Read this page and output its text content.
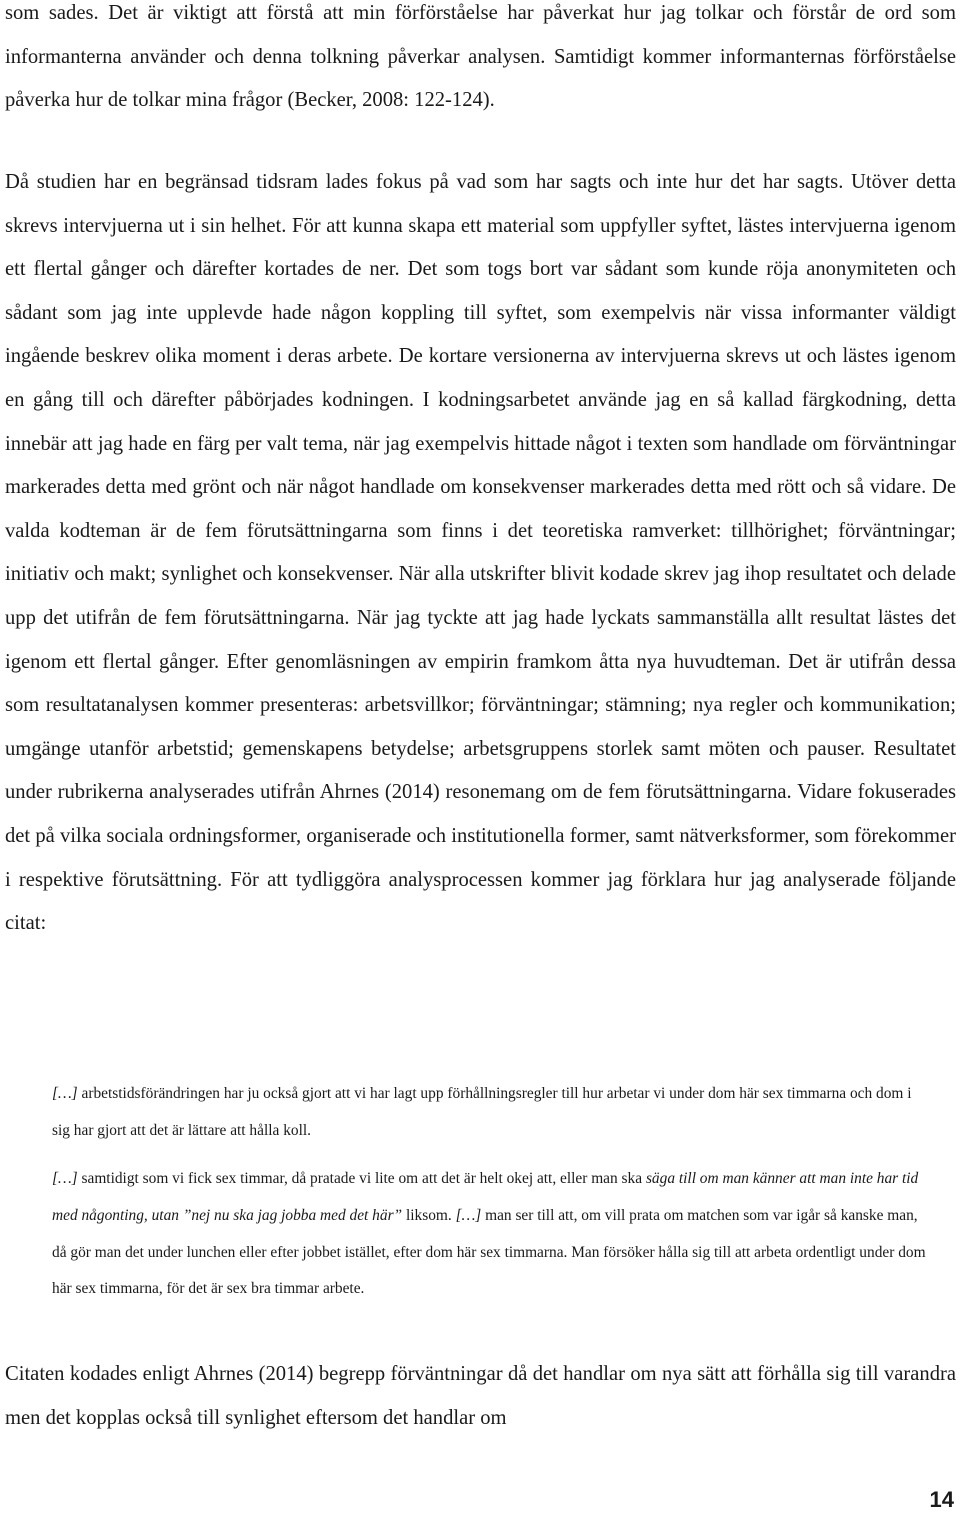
som sades. Det är viktigt att förstå att min förförståelse har påverkat hur jag tolkar och förstår de ord som informanterna använder och denna tolkning påverkar analysen. Samtidigt kommer informanternas förförståelse påverka hur de tolkar mina frågor (Becker, 2008: 122-124).

Då studien har en begränsad tidsram lades fokus på vad som har sagts och inte hur det har sagts. Utöver detta skrevs intervjuerna ut i sin helhet. För att kunna skapa ett material som uppfyller syftet, lästes intervjuerna igenom ett flertal gånger och därefter kortades de ner. Det som togs bort var sådant som kunde röja anonymiteten och sådant som jag inte upplevde hade någon koppling till syftet, som exempelvis när vissa informanter väldigt ingående beskrev olika moment i deras arbete. De kortare versionerna av intervjuerna skrevs ut och lästes igenom en gång till och därefter påbörjades kodningen. I kodningsarbetet använde jag en så kallad färgkodning, detta innebär att jag hade en färg per valt tema, när jag exempelvis hittade något i texten som handlade om förväntningar markerades detta med grönt och när något handlade om konsekvenser markerades detta med rött och så vidare. De valda kodteman är de fem förutsättningarna som finns i det teoretiska ramverket: tillhörighet; förväntningar; initiativ och makt; synlighet och konsekvenser. När alla utskrifter blivit kodade skrev jag ihop resultatet och delade upp det utifrån de fem förutsättningarna. När jag tyckte att jag hade lyckats sammanställa allt resultat lästes det igenom ett flertal gånger. Efter genomläsningen av empirin framkom åtta nya huvudteman. Det är utifrån dessa som resultatanalysen kommer presenteras: arbetsvillkor; förväntningar; stämning; nya regler och kommunikation; umgänge utanför arbetstid; gemenskapens betydelse; arbetsgruppens storlek samt möten och pauser. Resultatet under rubrikerna analyserades utifrån Ahrnes (2014) resonemang om de fem förutsättningarna. Vidare fokuserades det på vilka sociala ordningsformer, organiserade och institutionella former, samt nätverksformer, som förekommer i respektive förutsättning. För att tydliggöra analysprocessen kommer jag förklara hur jag analyserade följande citat:

[…] arbetstidsförändringen har ju också gjort att vi har lagt upp förhållningsregler till hur arbetar vi under dom här sex timmarna och dom i sig har gjort att det är lättare att hålla koll.

[…] samtidigt som vi fick sex timmar, då pratade vi lite om att det är helt okej att, eller man ska säga till om man känner att man inte har tid med någonting, utan ”nej nu ska jag jobba med det här” liksom. […] man ser till att, om vill prata om matchen som var igår så kanske man, då gör man det under lunchen eller efter jobbet istället, efter dom här sex timmarna. Man försöker hålla sig till att arbeta ordentligt under dom här sex timmarna, för det är sex bra timmar arbete.

Citaten kodades enligt Ahrnes (2014) begrepp förväntningar då det handlar om nya sätt att förhålla sig till varandra men det kopplas också till synlighet eftersom det handlar om

14
